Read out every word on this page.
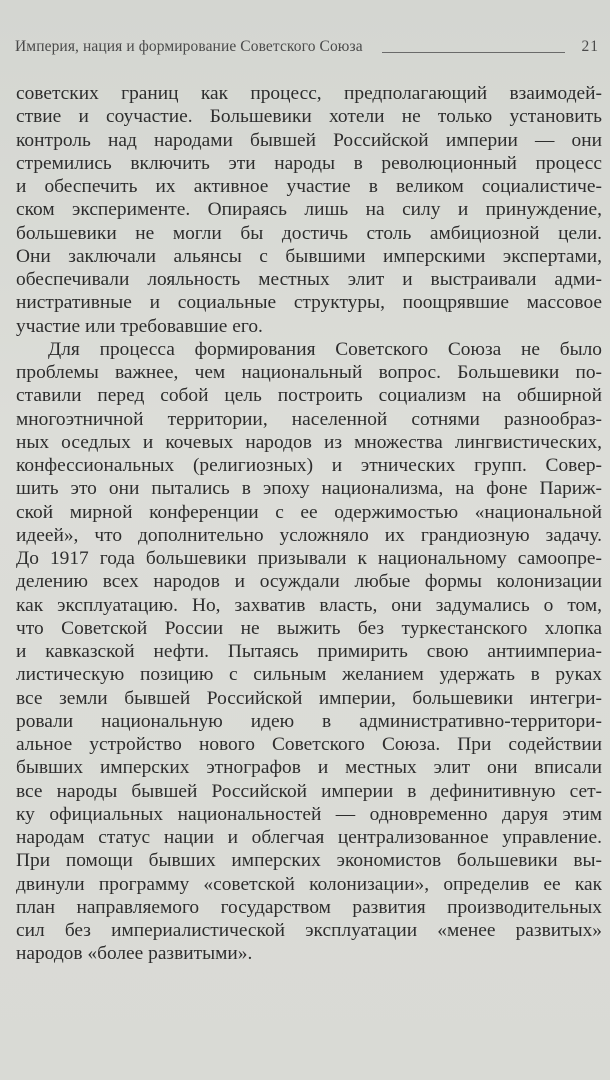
Империя, нация и формирование Советского Союза	21
советских границ как процесс, предполагающий взаимодей-
ствие и соучастие. Большевики хотели не только установить
контроль над народами бывшей Российской империи — они
стремились включить эти народы в революционный процесс
и обеспечить их активное участие в великом социалистиче-
ском эксперименте. Опираясь лишь на силу и принуждение,
большевики не могли бы достичь столь амбициозной цели.
Они заключали альянсы с бывшими имперскими экспертами,
обеспечивали лояльность местных элит и выстраивали адми-
нистративные и социальные структуры, поощрявшие массовое
участие или требовавшие его.
Для процесса формирования Советского Союза не было
проблемы важнее, чем национальный вопрос. Большевики по-
ставили перед собой цель построить социализм на обширной
многоэтничной территории, населенной сотнями разнообраз-
ных оседлых и кочевых народов из множества лингвистических,
конфессиональных (религиозных) и этнических групп. Совер-
шить это они пытались в эпоху национализма, на фоне Париж-
ской мирной конференции с ее одержимостью «национальной
идеей», что дополнительно усложняло их грандиозную задачу.
До 1917 года большевики призывали к национальному самоопре-
делению всех народов и осуждали любые формы колонизации
как эксплуатацию. Но, захватив власть, они задумались о том,
что Советской России не выжить без туркестанского хлопка
и кавказской нефти. Пытаясь примирить свою антиимпериа-
листическую позицию с сильным желанием удержать в руках
все земли бывшей Российской империи, большевики интегри-
ровали национальную идею в административно-территори-
альное устройство нового Советского Союза. При содействии
бывших имперских этнографов и местных элит они вписали
все народы бывшей Российской империи в дефинитивную сет-
ку официальных национальностей — одновременно даруя этим
народам статус нации и облегчая централизованное управление.
При помощи бывших имперских экономистов большевики вы-
двинули программу «советской колонизации», определив ее как
план направляемого государством развития производительных
сил без империалистической эксплуатации «менее развитых»
народов «более развитыми».
